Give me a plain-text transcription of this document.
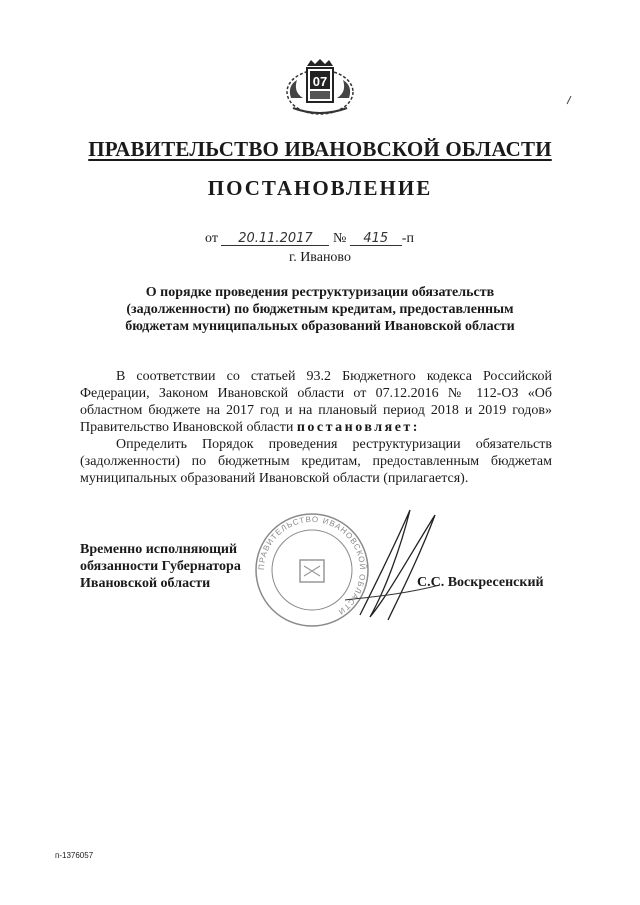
07
ПРАВИТЕЛЬСТВО ИВАНОВСКОЙ ОБЛАСТИ
ПОСТАНОВЛЕНИЕ
от 20.11.2017 № 415 -п
г. Иваново
О порядке проведения реструктуризации обязательств
(задолженности) по бюджетным кредитам, предоставленным
бюджетам муниципальных образований Ивановской области

В соответствии со статьей 93.2 Бюджетного кодекса Российской Федерации, Законом Ивановской области от 07.12.2016 № 112-ОЗ «Об областном бюджете на 2017 год и на плановый период 2018 и 2019 годов» Правительство Ивановской области постановляет:

Определить Порядок проведения реструктуризации обязательств (задолженности) по бюджетным кредитам, предоставленным бюджетам муниципальных образований Ивановской области (прилагается).

ПРАВИТЕЛЬСТВО ИВАНОВСКОЙ ОБЛАСТИ
Временно исполняющий
обязанности Губернатора
Ивановской области	С.С. Воскресенский
п-1376057
